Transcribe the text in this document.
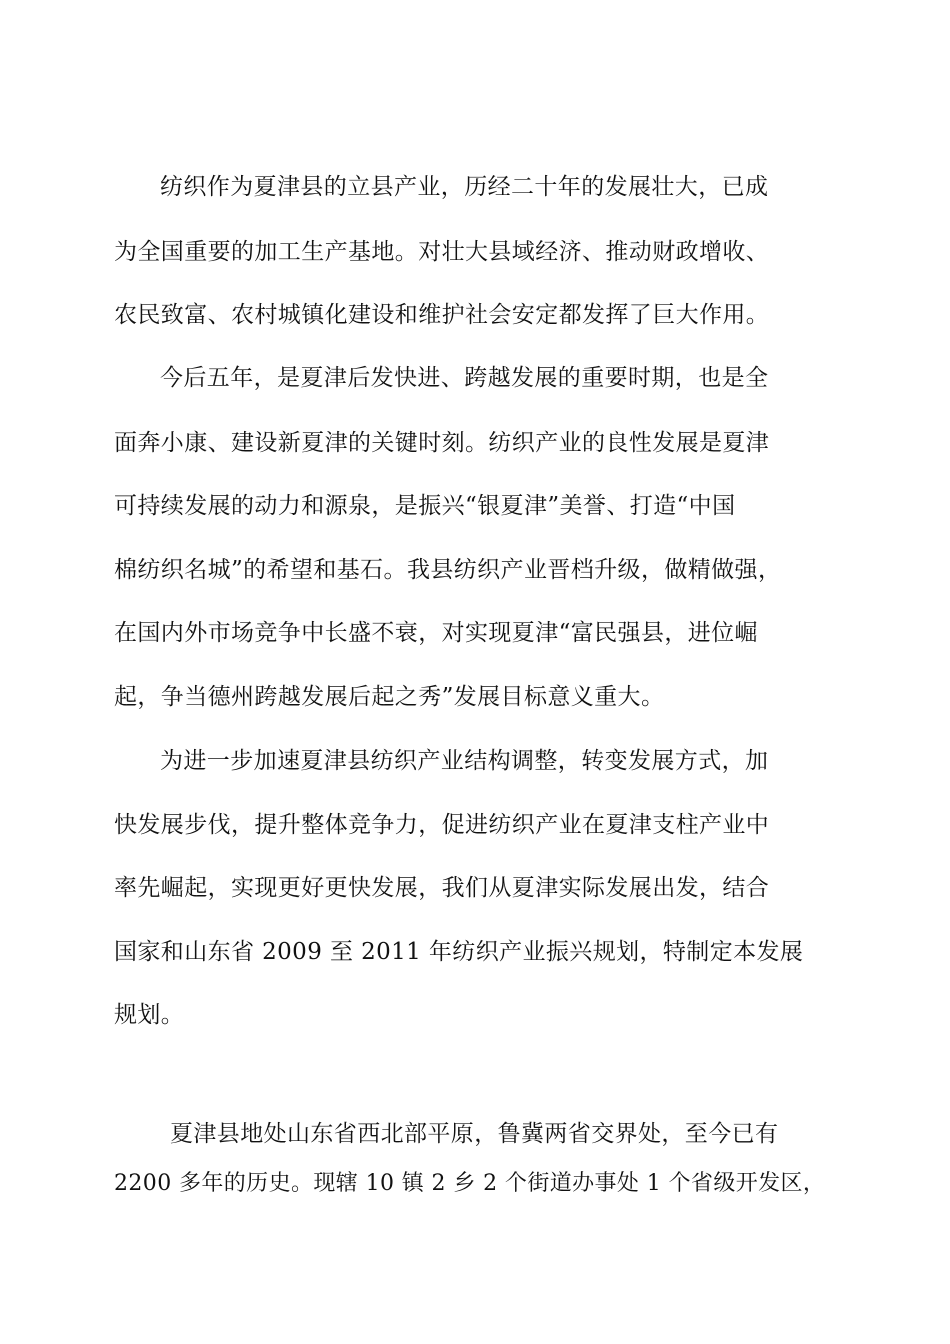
纺织作为夏津县的立县产业，历经二十年的发展壮大，已成
为全国重要的加工生产基地。对壮大县域经济、推动财政增收、
农民致富、农村城镇化建设和维护社会安定都发挥了巨大作用。
今后五年，是夏津后发快进、跨越发展的重要时期，也是全
面奔小康、建设新夏津的关键时刻。纺织产业的良性发展是夏津
可持续发展的动力和源泉，是振兴“银夏津”美誉、打造“中国
棉纺织名城”的希望和基石。我县纺织产业晋档升级，做精做强，
在国内外市场竞争中长盛不衰，对实现夏津“富民强县，进位崛
起，争当德州跨越发展后起之秀”发展目标意义重大。
为进一步加速夏津县纺织产业结构调整，转变发展方式，加
快发展步伐，提升整体竞争力，促进纺织产业在夏津支柱产业中
率先崛起，实现更好更快发展，我们从夏津实际发展出发，结合
国家和山东省 2009 至 2011 年纺织产业振兴规划，特制定本发展
规划。
夏津县地处山东省西北部平原，鲁冀两省交界处，至今已有
2200 多年的历史。现辖 10 镇 2 乡 2 个街道办事处 1 个省级开发区，
